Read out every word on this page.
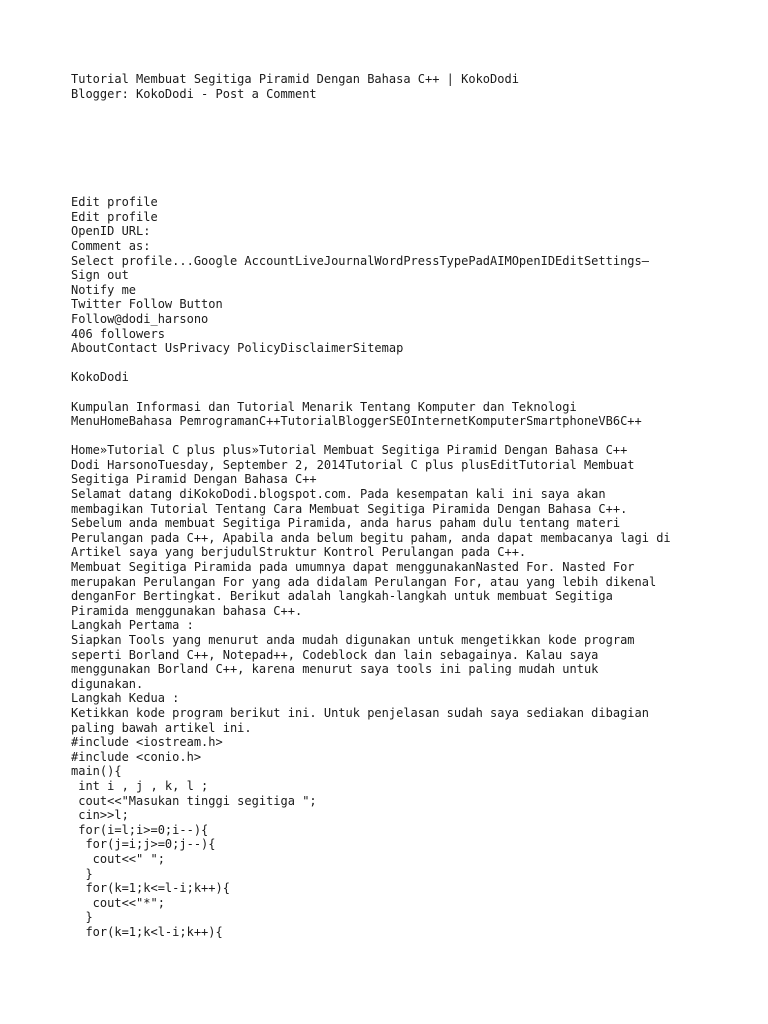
Tutorial Membuat Segitiga Piramid Dengan Bahasa C++ | KokoDodi
Blogger: KokoDodi - Post a Comment
Edit profile
Edit profile
OpenID URL:
Comment as:
Select profile...Google AccountLiveJournalWordPressTypePadAIMOpenIDEditSettings–
Sign out
Notify me
Twitter Follow Button
Follow@dodi_harsono
406 followers
AboutContact UsPrivacy PolicyDisclaimerSitemap
KokoDodi
Kumpulan Informasi dan Tutorial Menarik Tentang Komputer dan Teknologi
MenuHomeBahasa PemrogramanC++TutorialBloggerSEOInternetKomputerSmartphoneVB6C++
Home»Tutorial C plus plus»Tutorial Membuat Segitiga Piramid Dengan Bahasa C++
Dodi HarsonoTuesday, September 2, 2014Tutorial C plus plusEditTutorial Membuat
Segitiga Piramid Dengan Bahasa C++
Selamat datang diKokoDodi.blogspot.com. Pada kesempatan kali ini saya akan
membagikan Tutorial Tentang Cara Membuat Segitiga Piramida Dengan Bahasa C++.
Sebelum anda membuat Segitiga Piramida, anda harus paham dulu tentang materi
Perulangan pada C++, Apabila anda belum begitu paham, anda dapat membacanya lagi di
Artikel saya yang berjudulStruktur Kontrol Perulangan pada C++.
Membuat Segitiga Piramida pada umumnya dapat menggunakanNasted For. Nasted For
merupakan Perulangan For yang ada didalam Perulangan For, atau yang lebih dikenal
denganFor Bertingkat. Berikut adalah langkah-langkah untuk membuat Segitiga
Piramida menggunakan bahasa C++.
Langkah Pertama :
Siapkan Tools yang menurut anda mudah digunakan untuk mengetikkan kode program
seperti Borland C++, Notepad++, Codeblock dan lain sebagainya. Kalau saya
menggunakan Borland C++, karena menurut saya tools ini paling mudah untuk
digunakan.
Langkah Kedua :
Ketikkan kode program berikut ini. Untuk penjelasan sudah saya sediakan dibagian
paling bawah artikel ini.
#include <iostream.h>
#include <conio.h>
main(){
int i , j , k, l ;
cout<<"Masukan tinggi segitiga ";
cin>>l;
for(i=l;i>=0;i--){
for(j=i;j>=0;j--){
cout<<" ";
}
for(k=1;k<=l-i;k++){
cout<<"*";
}
for(k=1;k<l-i;k++){
